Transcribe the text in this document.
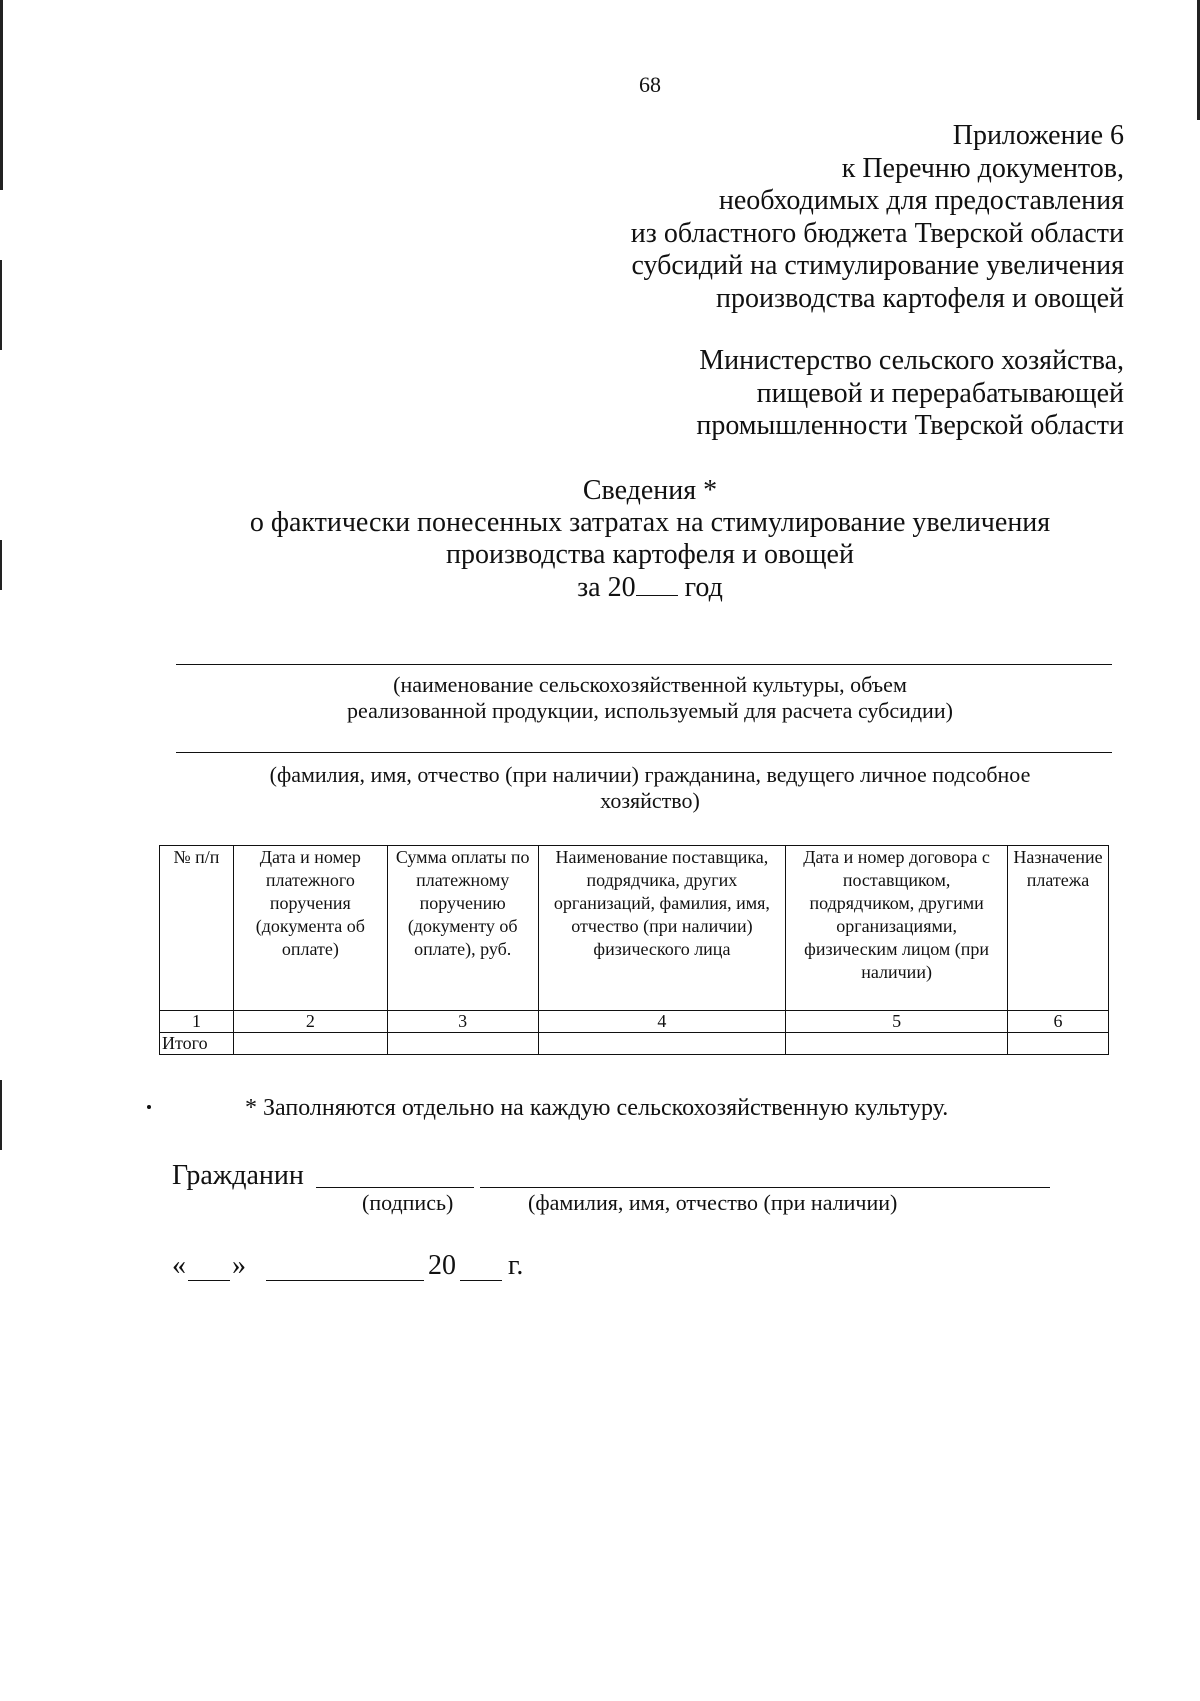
68
Приложение 6
к Перечню документов,
необходимых для предоставления
из областного бюджета Тверской области
субсидий на стимулирование увеличения
производства картофеля и овощей
Министерство сельского хозяйства,
пищевой и перерабатывающей
промышленности Тверской области
Сведения *
о фактически понесенных затратах на стимулирование увеличения
производства картофеля и овощей
за 20 год
(наименование сельскохозяйственной культуры, объем
реализованной продукции, используемый для расчета субсидии)
(фамилия, имя, отчество (при наличии) гражданина, ведущего личное подсобное
хозяйство)
№ п/п	Дата и номер платежного поручения (документа об оплате)	Сумма оплаты по платежному поручению (документу об оплате), руб.	Наименование поставщика, подрядчика, других организаций, фамилия, имя, отчество (при наличии) физического лица	Дата и номер договора с поставщиком, подрядчиком, другими организациями, физическим лицом (при наличии)	Назначение платежа
1	2	3	4	5	6
Итого					
* Заполняются отдельно на каждую сельскохозяйственную культуру.
Гражданин
(подпись)	(фамилия, имя, отчество (при наличии)
« »	20 г.
